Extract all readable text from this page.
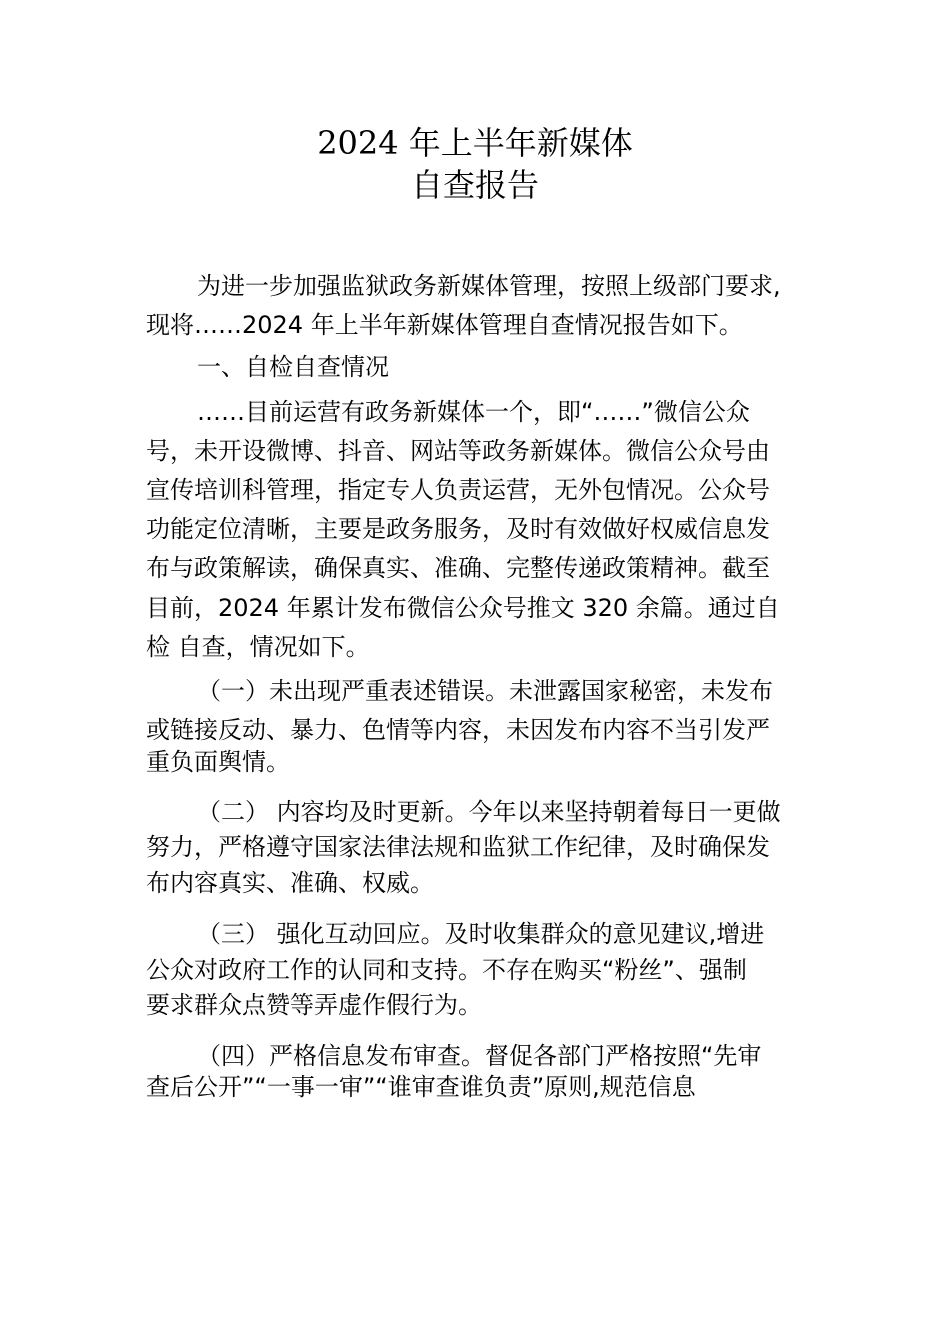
2024 年上半年新媒体
自查报告
为进一步加强监狱政务新媒体管理，按照上级部门要求,
现将……2024 年上半年新媒体管理自查情况报告如下。
一、自检自查情况
……目前运营有政务新媒体一个，即“……”微信公众
号，未开设微博、抖音、网站等政务新媒体。微信公众号由
宣传培训科管理，指定专人负责运营，无外包情况。公众号
功能定位清晰，主要是政务服务，及时有效做好权威信息发
布与政策解读，确保真实、准确、完整传递政策精神。截至
目前，2024 年累计发布微信公众号推文 320 余篇。通过自
检 自查，情况如下。
（一）未出现严重表述错误。未泄露国家秘密，未发布
或链接反动、暴力、色情等内容，未因发布内容不当引发严
重负面舆情。
（二） 内容均及时更新。今年以来坚持朝着每日一更做
努力，严格遵守国家法律法规和监狱工作纪律，及时确保发
布内容真实、准确、权威。
（三） 强化互动回应。及时收集群众的意见建议,增进
公众对政府工作的认同和支持。不存在购买“粉丝”、强制
要求群众点赞等弄虚作假行为。
（四）严格信息发布审查。督促各部门严格按照“先审
查后公开”“一事一审”“谁审查谁负责”原则,规范信息
